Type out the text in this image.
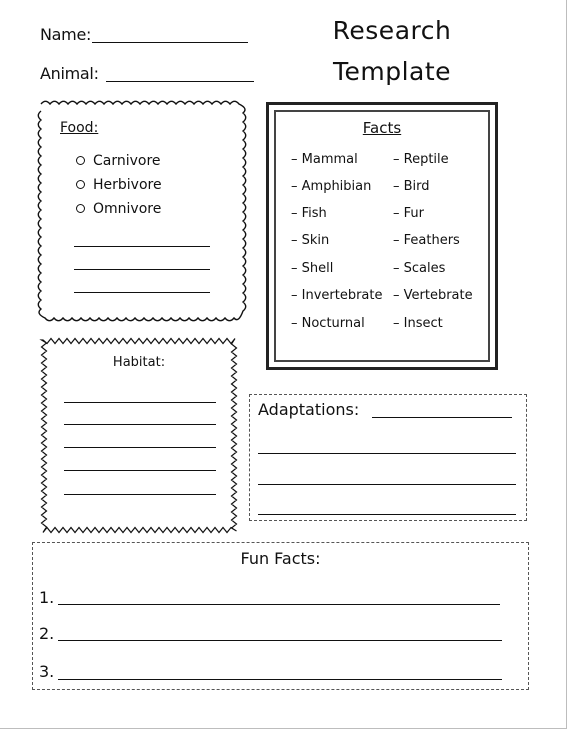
Name:
Animal:
Research
Template
Food:
Carnivore
Herbivore
Omnivore
Facts
– Mammal
– Amphibian
– Fish
– Skin
– Shell
– Invertebrate
– Nocturnal
– Reptile
– Bird
– Fur
– Feathers
– Scales
– Vertebrate
– Insect
Habitat:
Adaptations:
Fun Facts:
1.
2.
3.
